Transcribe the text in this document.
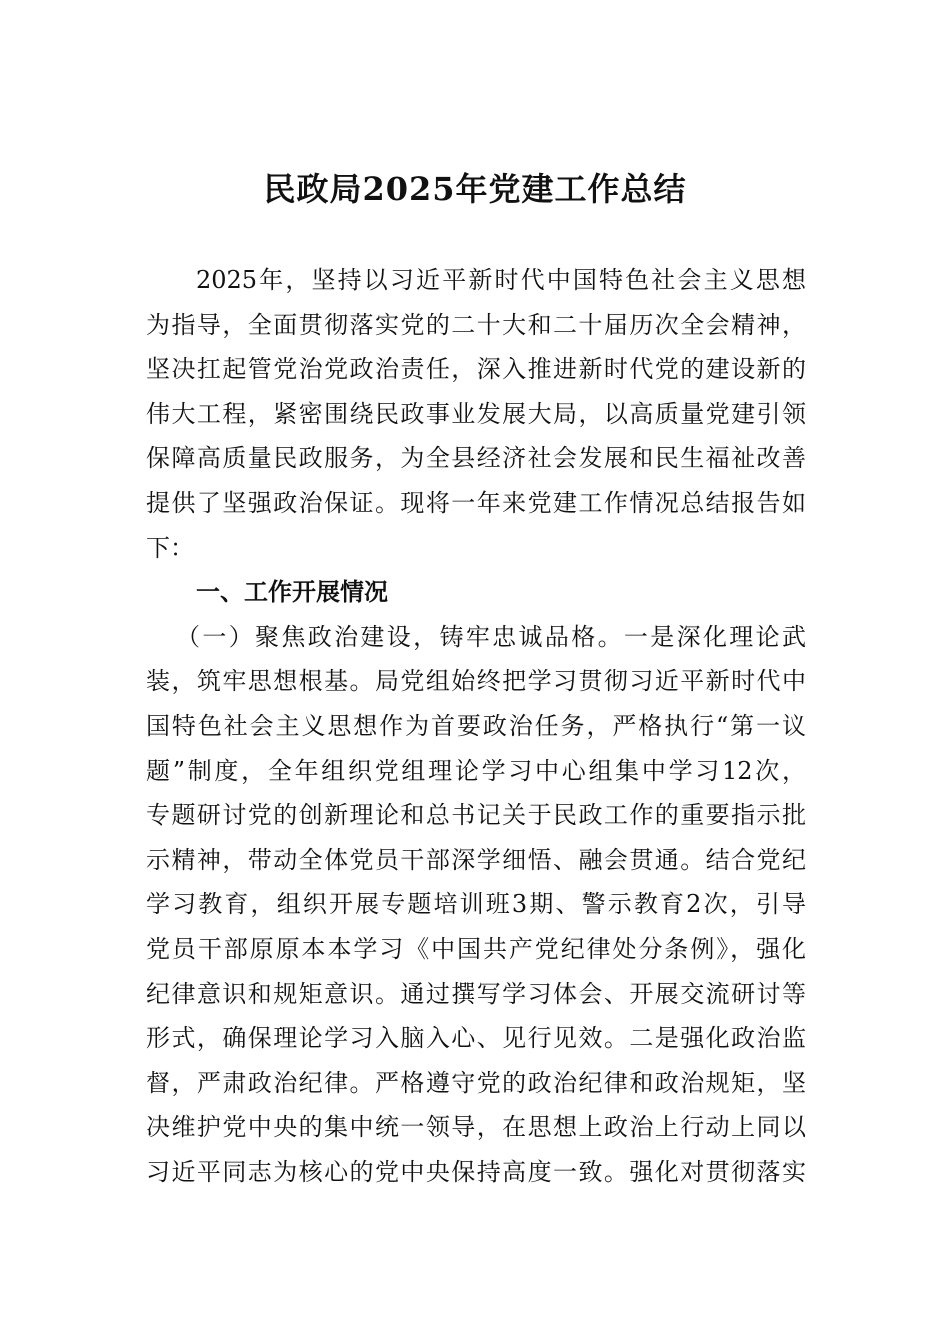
民政局2025年党建工作总结
2025年，坚持以习近平新时代中国特色社会主义思想
为指导，全面贯彻落实党的二十大和二十届历次全会精神，
坚决扛起管党治党政治责任，深入推进新时代党的建设新的
伟大工程，紧密围绕民政事业发展大局，以高质量党建引领
保障高质量民政服务，为全县经济社会发展和民生福祉改善
提供了坚强政治保证。现将一年来党建工作情况总结报告如
下：
一、工作开展情况
（一）聚焦政治建设，铸牢忠诚品格。一是深化理论武
装，筑牢思想根基。局党组始终把学习贯彻习近平新时代中
国特色社会主义思想作为首要政治任务，严格执行“第一议
题”制度，全年组织党组理论学习中心组集中学习12次，
专题研讨党的创新理论和总书记关于民政工作的重要指示批
示精神，带动全体党员干部深学细悟、融会贯通。结合党纪
学习教育，组织开展专题培训班3期、警示教育2次，引导
党员干部原原本本学习《中国共产党纪律处分条例》，强化
纪律意识和规矩意识。通过撰写学习体会、开展交流研讨等
形式，确保理论学习入脑入心、见行见效。二是强化政治监
督，严肃政治纪律。严格遵守党的政治纪律和政治规矩，坚
决维护党中央的集中统一领导，在思想上政治上行动上同以
习近平同志为核心的党中央保持高度一致。强化对贯彻落实
